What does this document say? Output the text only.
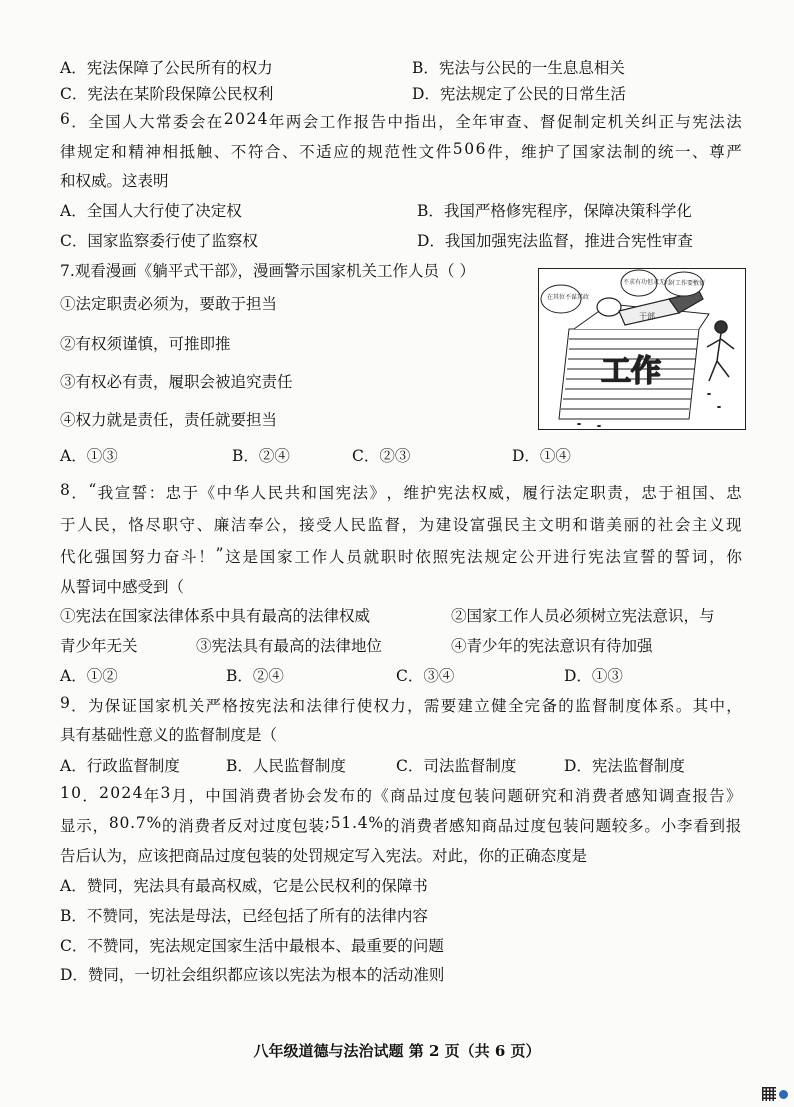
A．宪法保障了公民所有的权力	B．宪法与公民的一生息息相关
C．宪法在某阶段保障公民权利	D．宪法规定了公民的日常生活
6 ． 全 国 人 大 常 委 会 在 2 0 2 4 年 两 会 工 作 报 告 中 指 出 ， 全 年 审 查 、 督 促 制 定 机 关 纠 正 与 宪 法 法
律 规 定 和 精 神 相 抵 触 、 不 符 合 、 不 适 应 的 规 范 性 文 件 5 0 6 件 ， 维 护 了 国 家 法 制 的 统 一 、 尊 严
和权威。这表明
A．全国人大行使了决定权	B．我国严格修宪程序，保障决策科学化
C．国家监察委行使了监察权	D．我国加强宪法监督，推进合宪性审查
7.观看漫画《躺平式干部》，漫画警示国家机关工作人员（ ）
①法定职责必须为，要敢于担当
②有权须谨慎，可推即推
③有权必有责，履职会被追究责任
④权力就是责任，责任就要担当
A．①③	B．②④	C．②③	D．①④
干部
工作
在其位不谋其政
不求有功但求无过
对工作要敷衍
8 ． “ 我 宣 誓 ： 忠 于 《 中 华 人 民 共 和 国 宪 法 》 ， 维 护 宪 法 权 威 ， 履 行 法 定 职 责 ， 忠 于 祖 国 、 忠
于 人 民 ， 恪 尽 职 守 、 廉 洁 奉 公 ， 接 受 人 民 监 督 ， 为 建 设 富 强 民 主 文 明 和 谐 美 丽 的 社 会 主 义 现
代 化 强 国 努 力 奋 斗 ！ ” 这 是 国 家 工 作 人 员 就 职 时 依 照 宪 法 规 定 公 开 进 行 宪 法 宣 誓 的 誓 词 ， 你
从誓词中感受到（
①宪法在国家法律体系中具有最高的法律权威	②国家工作人员必须树立宪法意识，与
青少年无关	③宪法具有最高的法律地位	④青少年的宪法意识有待加强
A．①②	B．②④	C．③④	D．①③
9 ． 为 保 证 国 家 机 关 严 格 按 宪 法 和 法 律 行 使 权 力 ， 需 要 建 立 健 全 完 备 的 监 督 制 度 体 系 。 其 中 ，
具有基础性意义的监督制度是（
A．行政监督制度	B．人民监督制度	C．司法监督制度	D．宪法监督制度
1 0 ． 2 0 2 4 年 3 月 ， 中 国 消 费 者 协 会 发 布 的 《 商 品 过 度 包 装 问 题 研 究 和 消 费 者 感 知 调 查 报 告 》
显 示 ， 8 0 . 7 % 的 消 费 者 反 对 过 度 包 装 ; 5 1 . 4 % 的 消 费 者 感 知 商 品 过 度 包 装 问 题 较 多 。 小 李 看 到 报
告后认为，应该把商品过度包装的处罚规定写入宪法。对此，你的正确态度是
A．赞同，宪法具有最高权威，它是公民权利的保障书
B．不赞同，宪法是母法，已经包括了所有的法律内容
C．不赞同，宪法规定国家生活中最根本、最重要的问题
D．赞同，一切社会组织都应该以宪法为根本的活动准则
八年级道德与法治试题 第 2 页（共 6 页）
